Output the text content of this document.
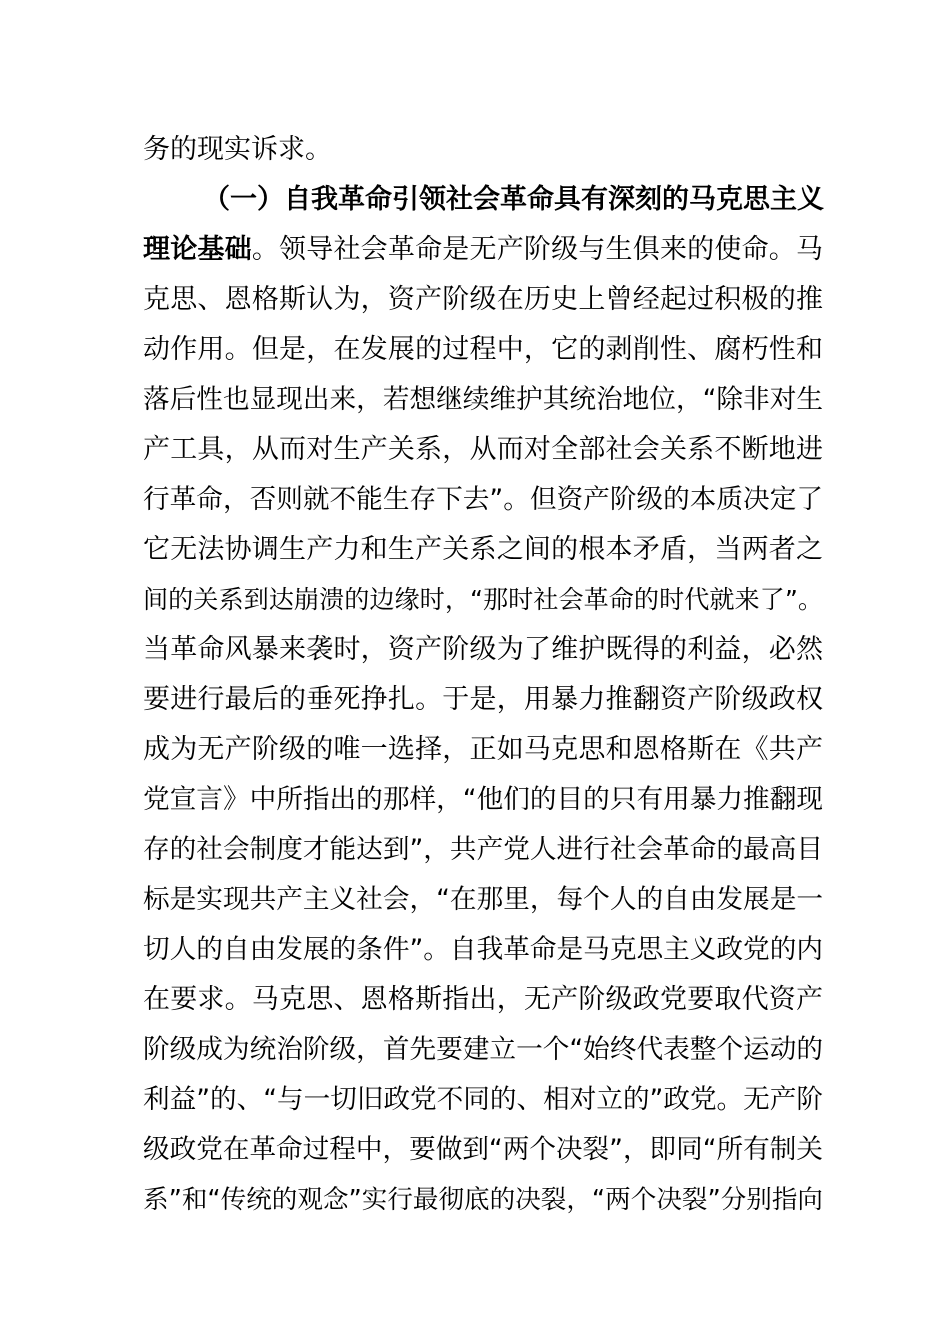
务的现实诉求。
（一）自我革命引领社会革命具有深刻的马克思主义
理论基础。领导社会革命是无产阶级与生俱来的使命。马
克思、恩格斯认为，资产阶级在历史上曾经起过积极的推
动作用。但是，在发展的过程中，它的剥削性、腐朽性和
落后性也显现出来，若想继续维护其统治地位，“除非对生
产工具，从而对生产关系，从而对全部社会关系不断地进
行革命，否则就不能生存下去”。但资产阶级的本质决定了
它无法协调生产力和生产关系之间的根本矛盾，当两者之
间的关系到达崩溃的边缘时，“那时社会革命的时代就来了”。
当革命风暴来袭时，资产阶级为了维护既得的利益，必然
要进行最后的垂死挣扎。于是，用暴力推翻资产阶级政权
成为无产阶级的唯一选择，正如马克思和恩格斯在《共产
党宣言》中所指出的那样，“他们的目的只有用暴力推翻现
存的社会制度才能达到”，共产党人进行社会革命的最高目
标是实现共产主义社会，“在那里，每个人的自由发展是一
切人的自由发展的条件”。自我革命是马克思主义政党的内
在要求。马克思、恩格斯指出，无产阶级政党要取代资产
阶级成为统治阶级，首先要建立一个“始终代表整个运动的
利益”的、“与一切旧政党不同的、相对立的”政党。无产阶
级政党在革命过程中，要做到“两个决裂”，即同“所有制关
系”和“传统的观念”实行最彻底的决裂，“两个决裂”分别指向
